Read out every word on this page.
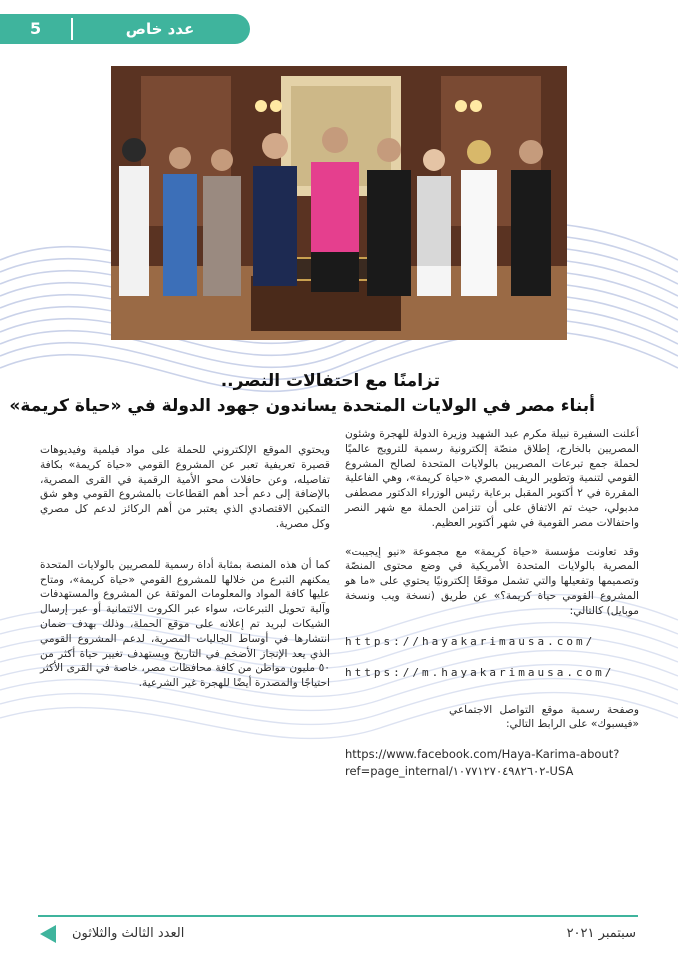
5	عدد خاص
تزامنًا مع احتفالات النصر..
أبناء مصر في الولايات المتحدة يساندون جهود الدولة في «حياة كريمة»

أعلنت السفيرة نبيلة مكرم عبد الشهيد وزيرة الدولة للهجرة وشئون المصريين بالخارج، إطلاق منصّة إلكترونية رسمية للترويج عالميًا لحملة جمع تبرعات المصريين بالولايات المتحدة لصالح المشروع القومي لتنمية وتطوير الريف المصري «حياة كريمة»، وهي الفاعلية المقررة في ٢ أكتوبر المقبل برعاية رئيس الوزراء الدكتور مصطفى مدبولي، حيث تم الاتفاق على أن تتزامن الحملة مع شهر النصر واحتفالات مصر القومية في شهر أكتوبر العظيم.

وقد تعاونت مؤسسة «حياة كريمة» مع مجموعة «نيو إيجيبت» المصرية بالولايات المتحدة الأمريكية في وضع محتوى المنصّة وتصميمها وتفعيلها والتي تشمل موقعًا إلكترونيًا يحتوي على «ما هو المشروع القومي حياة كريمة؟» عن طريق (نسخة ويب ونسخة موبايل) كالتالي:

https://hayakarimausa.com/

https://m.hayakarimausa.com/

وصفحة رسمية موقع التواصل الاجتماعي «فيسبوك» على الرابط التالي:

https://www.facebook.com/Haya-Karima-about?ref=page_internal/١٠٧٧١٢٧٠٤٩٨٢٦٠٢-USA

ويحتوي الموقع الإلكتروني للحملة على مواد فيلمية وفيديوهات قصيرة تعريفية تعبر عن المشروع القومي «حياة كريمة» بكافة تفاصيله، وعن حافلات محو الأمية الرقمية في القرى المصرية، بالإضافة إلى دعم أحد أهم القطاعات بالمشروع القومي وهو شق التمكين الاقتصادي الذي يعتبر من أهم الركائز لدعم كل مصري وكل مصرية.

كما أن هذه المنصة بمثابة أداة رسمية للمصريين بالولايات المتحدة يمكنهم التبرع من خلالها للمشروع القومي «حياة كريمة»، ومتاح عليها كافة المواد والمعلومات الموثقة عن المشروع والمستهدفات وآلية تحويل التبرعات، سواء عبر الكروت الائتمانية أو عبر إرسال الشيكات لبريد تم إعلانه على موقع الحملة، وذلك بهدف ضمان انتشارها في أوساط الجاليات المصرية، لدعم المشروع القومي الذي يعد الإنجاز الأضخم في التاريخ ويستهدف تغيير حياة أكثر من ٥٠ مليون مواطن من كافة محافظات مصر، خاصة في القرى الأكثر احتياجًا والمصدرة أيضًا للهجرة غير الشرعية.

العدد الثالث والثلاثون	سبتمبر ٢٠٢١
